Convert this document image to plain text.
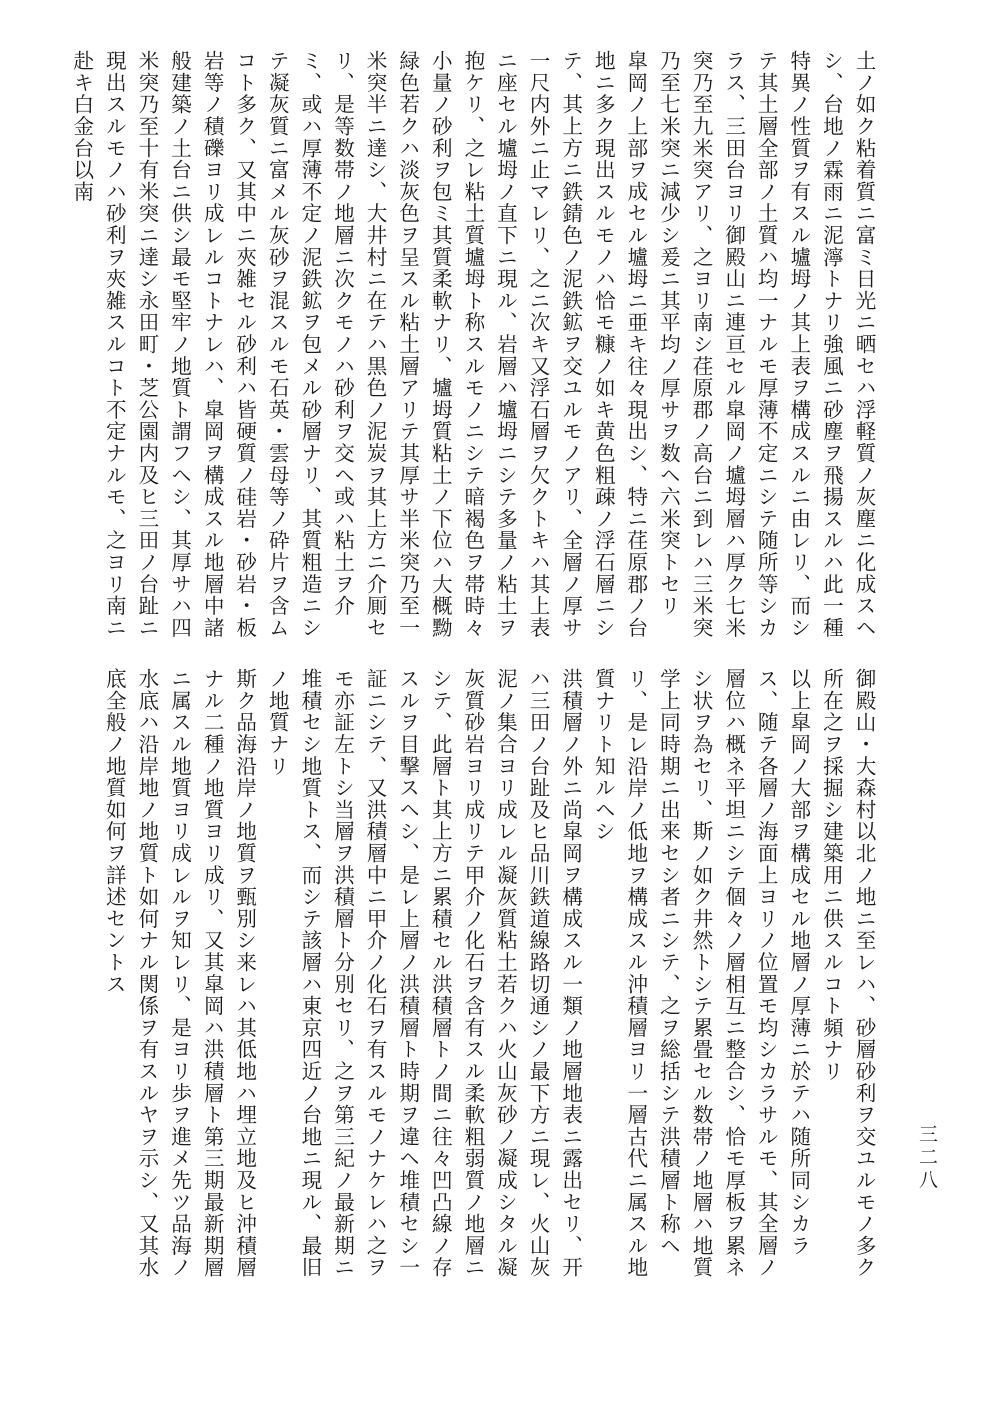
土ノ如ク粘着質ニ富ミ日光ニ晒セハ浮軽質ノ灰塵ニ化成スヘシ、台地ノ霖雨ニ泥濘トナリ強風ニ砂塵ヲ飛揚スルハ此一種特異ノ性質ヲ有スル壚坶ノ其上表ヲ構成スルニ由レリ、而シテ其土層全部ノ土質ハ均一ナルモ厚薄不定ニシテ随所等シカラス、三田台ヨリ御殿山ニ連亘セル皐岡ノ壚坶層ハ厚ク七米突乃至九米突アリ、之ヨリ南シ荏原郡ノ高台ニ到レハ三米突乃至七米突ニ減少シ爰ニ其平均ノ厚サヲ数ヘ六米突トセリ

皐岡ノ上部ヲ成セル壚坶ニ亜キ往々現出シ、特ニ荏原郡ノ台地ニ多ク現出スルモノハ恰モ糠ノ如キ黄色粗疎ノ浮石層ニシテ、其上方ニ鉄錆色ノ泥鉄鉱ヲ交ユルモノアリ、全層ノ厚サ一尺内外ニ止マレリ、之ニ次キ又浮石層ヲ欠クトキハ其上表ニ座セル壚坶ノ直下ニ現ル、岩層ハ壚坶ニシテ多量ノ粘土ヲ抱ケリ、之レ粘土質壚坶ト称スルモノニシテ暗褐色ヲ帯時々小量ノ砂利ヲ包ミ其質柔軟ナリ、壚坶質粘土ノ下位ハ大概黝緑色若クハ淡灰色ヲ呈スル粘土層アリテ其厚サ半米突乃至一米突半ニ達シ、大井村ニ在テハ黒色ノ泥炭ヲ其上方ニ介厠セリ、是等数帯ノ地層ニ次クモノハ砂利ヲ交ヘ或ハ粘土ヲ介ミ、或ハ厚薄不定ノ泥鉄鉱ヲ包メル砂層ナリ、其質粗造ニシテ凝灰質ニ富メル灰砂ヲ混スルモ石英・雲母等ノ砕片ヲ含ムコト多ク、又其中ニ夾雑セル砂利ハ皆硬質ノ硅岩・砂岩・板岩等ノ積礫ヨリ成レルコトナレハ、皐岡ヲ構成スル地層中諸般建築ノ土台ニ供シ最モ堅牢ノ地質ト謂フヘシ、其厚サハ四米突乃至十有米突ニ達シ永田町・芝公園内及ヒ三田ノ台趾ニ現出スルモノハ砂利ヲ夾雑スルコト不定ナルモ、之ヨリ南ニ赴キ白金台以南

三二八

御殿山・大森村以北ノ地ニ至レハ、砂層砂利ヲ交ユルモノ多ク所在之ヲ採掘シ建築用ニ供スルコト頻ナリ

以上皐岡ノ大部ヲ構成セル地層ノ厚薄ニ於テハ随所同シカラス、随テ各層ノ海面上ヨリノ位置モ均シカラサルモ、其全層ノ層位ハ概ネ平坦ニシテ個々ノ層相互ニ整合シ、恰モ厚板ヲ累ネシ状ヲ為セリ、斯ノ如ク井然トシテ累畳セル数帯ノ地層ハ地質学上同時期ニ出来セシ者ニシテ、之ヲ総括シテ洪積層ト称ヘリ、是レ沿岸ノ低地ヲ構成スル沖積層ヨリ一層古代ニ属スル地質ナリト知ルヘシ

洪積層ノ外ニ尚皐岡ヲ構成スル一類ノ地層地表ニ露出セリ、开ハ三田ノ台趾及ヒ品川鉄道線路切通シノ最下方ニ現レ、火山灰泥ノ集合ヨリ成レル凝灰質粘土若クハ火山灰砂ノ凝成シタル凝灰質砂岩ヨリ成リテ甲介ノ化石ヲ含有スル柔軟粗弱質ノ地層ニシテ、此層ト其上方ニ累積セル洪積層トノ間ニ往々凹凸線ノ存スルヲ目撃スヘシ、是レ上層ノ洪積層ト時期ヲ違ヘ堆積セシ一証ニシテ、又洪積層中ニ甲介ノ化石ヲ有スルモノナケレハ之ヲモ亦証左トシ当層ヲ洪積層ト分別セリ、之ヲ第三紀ノ最新期ニ堆積セシ地質トス、而シテ該層ハ東京四近ノ台地ニ現ル、最旧ノ地質ナリ

斯ク品海沿岸ノ地質ヲ甄別シ来レハ其低地ハ埋立地及ヒ沖積層ナル二種ノ地質ヨリ成リ、又其皐岡ハ洪積層ト第三期最新期層ニ属スル地質ヨリ成レルヲ知レリ、是ヨリ歩ヲ進メ先ツ品海ノ水底ハ沿岸地ノ地質ト如何ナル関係ヲ有スルヤヲ示シ、又其水底全般ノ地質如何ヲ詳述セントス
